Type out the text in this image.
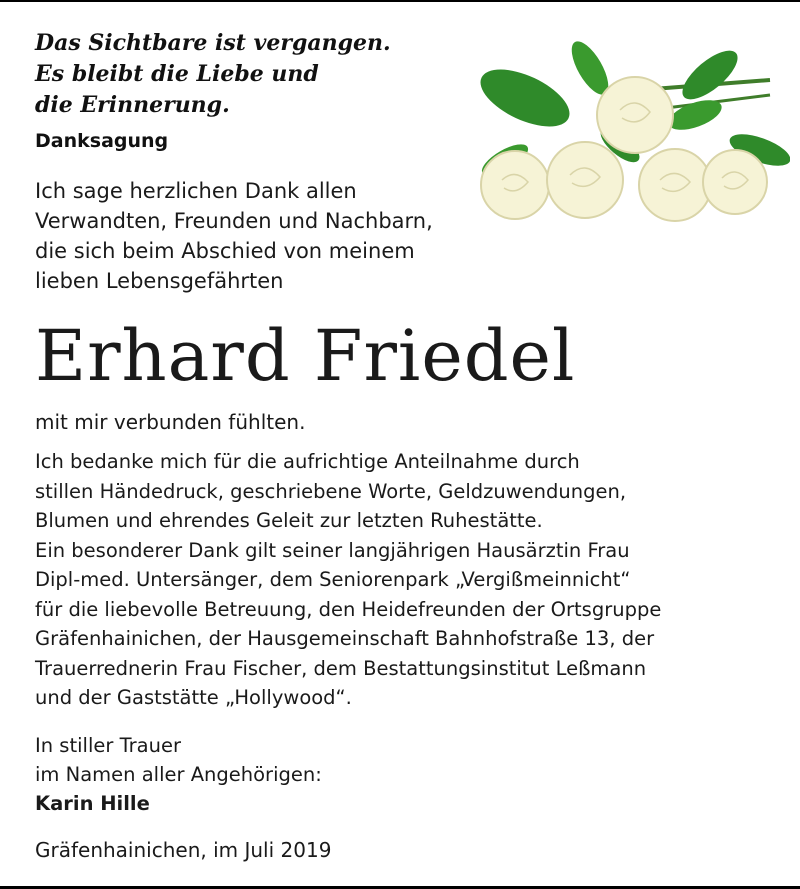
Das Sichtbare ist vergangen.
Es bleibt die Liebe und
die Erinnerung.
Danksagung
Ich sage herzlichen Dank allen
Verwandten, Freunden und Nachbarn,
die sich beim Abschied von meinem
lieben Lebensgefährten
Erhard Friedel
mit mir verbunden fühlten.
Ich bedanke mich für die aufrichtige Anteilnahme durch
stillen Händedruck, geschriebene Worte, Geldzuwendungen,
Blumen und ehrendes Geleit zur letzten Ruhestätte.
Ein besonderer Dank gilt seiner langjährigen Hausärztin Frau
Dipl-med. Untersänger, dem Seniorenpark „Vergißmeinnicht“
für die liebevolle Betreuung, den Heidefreunden der Ortsgruppe
Gräfenhainichen, der Hausgemeinschaft Bahnhofstraße 13, der
Trauerrednerin Frau Fischer, dem Bestattungsinstitut Leßmann
und der Gaststätte „Hollywood“.
In stiller Trauer
im Namen aller Angehörigen:
Karin Hille
Gräfenhainichen, im Juli 2019
